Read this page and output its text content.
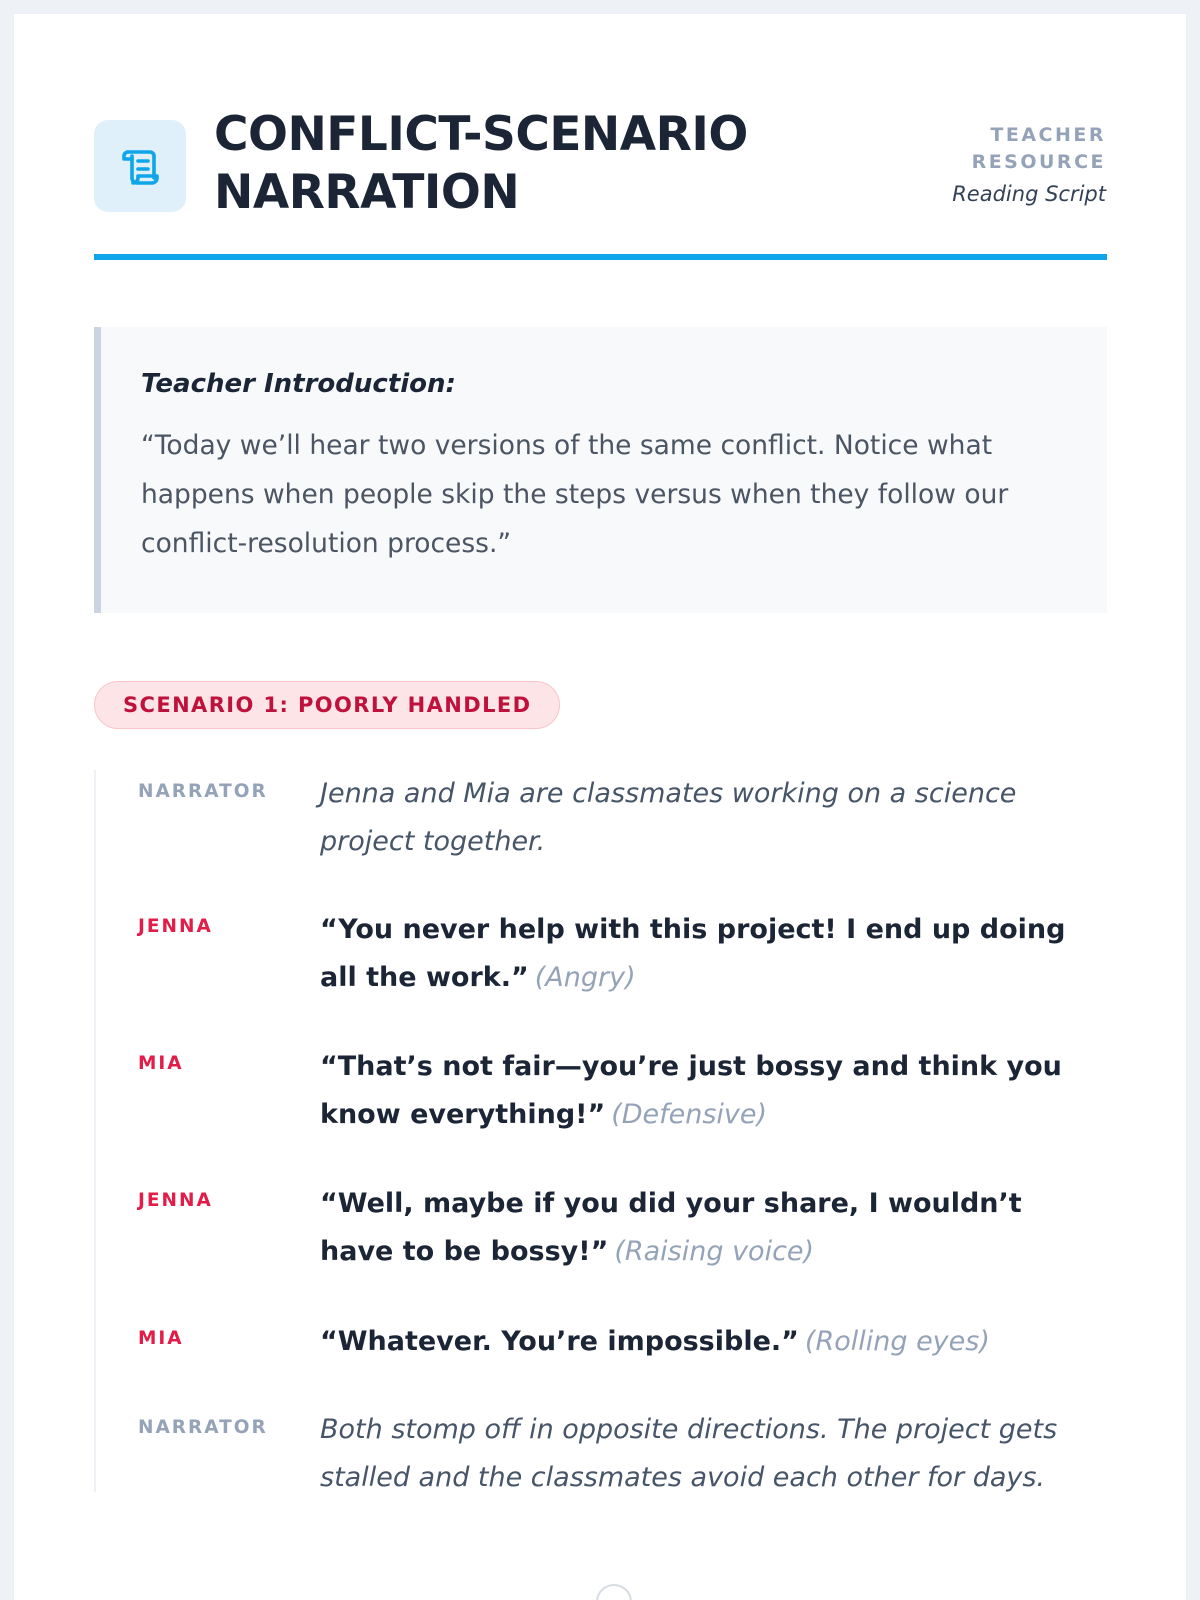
CONFLICT-SCENARIO NARRATION
TEACHER RESOURCE
Reading Script
Teacher Introduction:
“Today we’ll hear two versions of the same conflict. Notice what happens when people skip the steps versus when they follow our conflict-resolution process.”
SCENARIO 1: POORLY HANDLED
NARRATOR Jenna and Mia are classmates working on a science project together.
JENNA	“You never help with this project! I end up doing all the work.” (Angry)
MIA	“That’s not fair—you’re just bossy and think you know everything!” (Defensive)
JENNA	“Well, maybe if you did your share, I wouldn’t have to be bossy!” (Raising voice)
MIA	“Whatever. You’re impossible.” (Rolling eyes)
NARRATOR Both stomp off in opposite directions. The project gets stalled and the classmates avoid each other for days.
